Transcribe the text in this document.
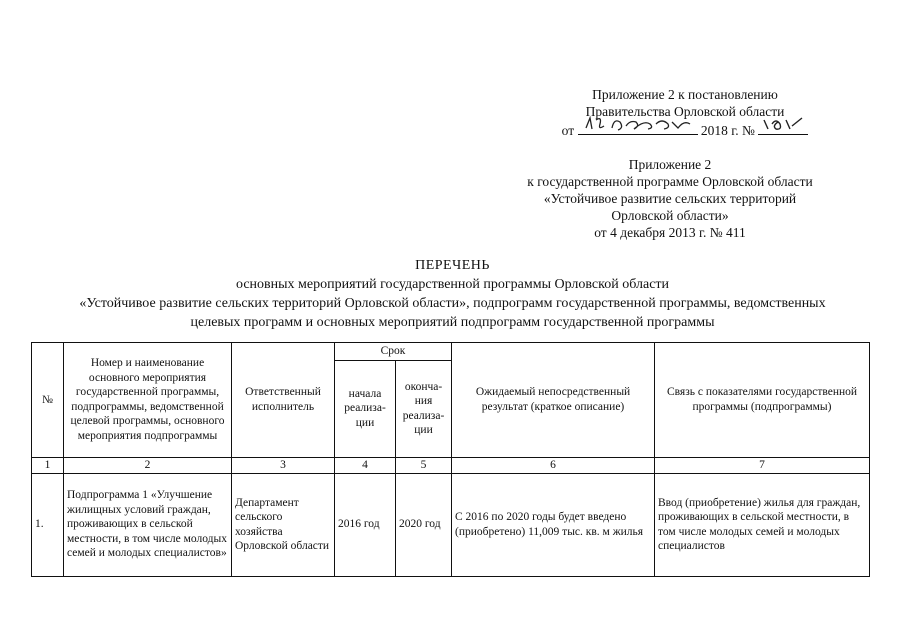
Приложение 2 к постановлению
Правительства Орловской области
от	2018 г. №
Приложение 2
к государственной программе Орловской области
«Устойчивое развитие сельских территорий
Орловской области»
от 4 декабря 2013 г. № 411
ПЕРЕЧЕНЬ
основных мероприятий государственной программы Орловской области
«Устойчивое развитие сельских территорий Орловской области», подпрограмм государственной программы, ведомственных
целевых программ и основных мероприятий подпрограмм государственной программы
№	Номер и наименование основного мероприятия государственной программы, подпрограммы, ведомственной целевой программы, основного мероприятия подпрограммы	Ответственный исполнитель	Срок		Ожидаемый непосредственный результат (краткое описание)	Связь с показателями государственной программы (подпрограммы)
			начала реализа-ции	оконча-ния реализа-ции		
1	2	3	4	5	6	7
1.	Подпрограмма 1 «Улучшение жилищных условий граждан, проживающих в сельской местности, в том числе молодых семей и молодых специалистов»	Департамент сельского хозяйства Орловской области	2016 год	2020 год	С 2016 по 2020 годы будет введено (приобретено) 11,009 тыс. кв. м жилья	Ввод (приобретение) жилья для граждан, проживающих в сельской местности, в том числе молодых семей и молодых специалистов
